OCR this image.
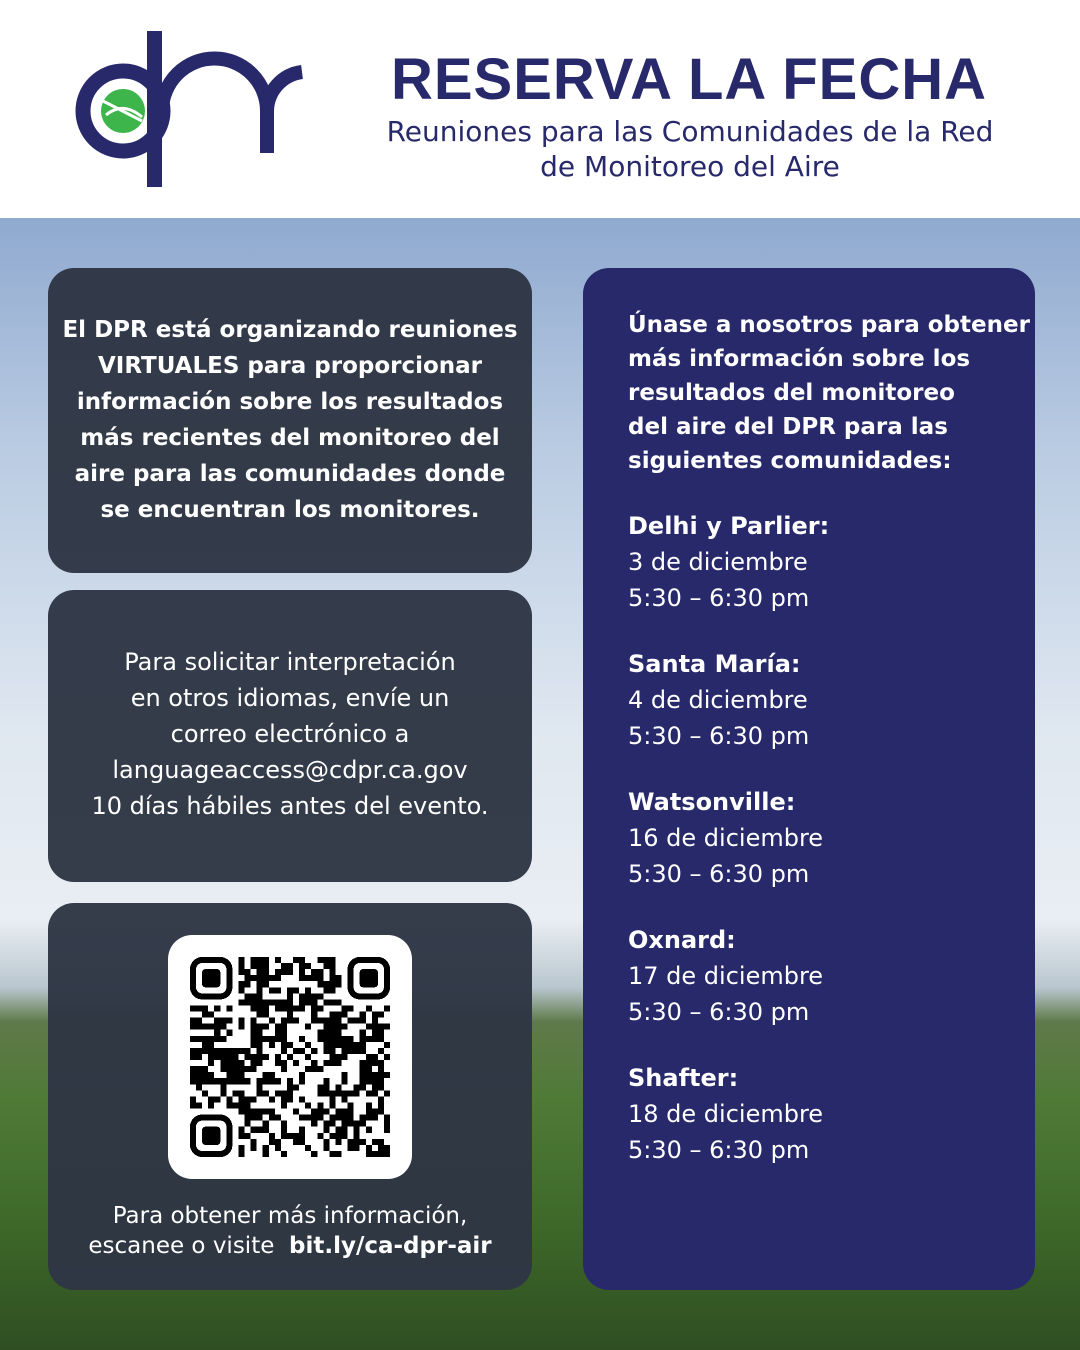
RESERVA LA FECHA
Reuniones para las Comunidades de la Red
de Monitoreo del Aire
El DPR está organizando reuniones
VIRTUALES para proporcionar
información sobre los resultados
más recientes del monitoreo del
aire para las comunidades donde
se encuentran los monitores.
Para solicitar interpretación
en otros idiomas, envíe un
correo electrónico a
languageaccess@cdpr.ca.gov
10 días hábiles antes del evento.
Para obtener más información,
escanee o visite bit.ly/ca-dpr-air
Únase a nosotros para obtener
más información sobre los
resultados del monitoreo
del aire del DPR para las
siguientes comunidades:
Delhi y Parlier:
3 de diciembre
5:30 – 6:30 pm
Santa María:
4 de diciembre
5:30 – 6:30 pm
Watsonville:
16 de diciembre
5:30 – 6:30 pm
Oxnard:
17 de diciembre
5:30 – 6:30 pm
Shafter:
18 de diciembre
5:30 – 6:30 pm
